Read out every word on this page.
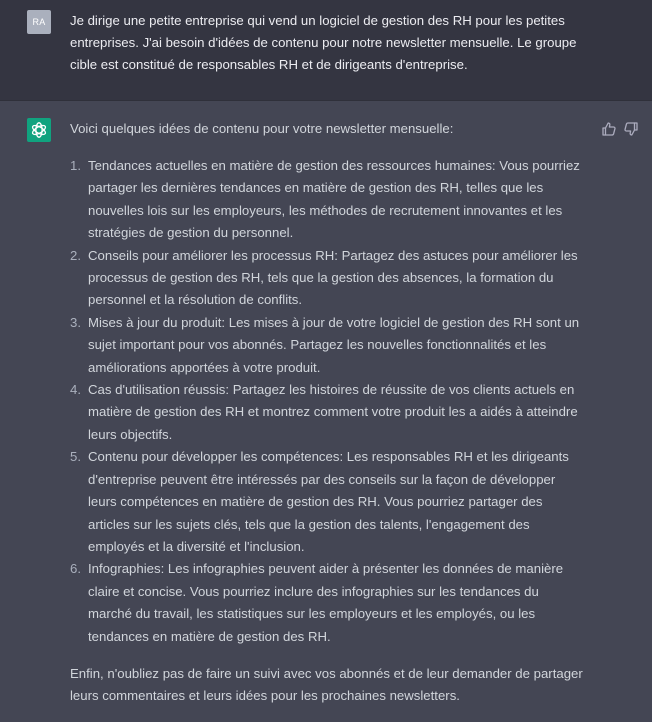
RA	Je dirige une petite entreprise qui vend un logiciel de gestion des RH pour les petites entreprises. J'ai besoin d'idées de contenu pour notre newsletter mensuelle. Le groupe cible est constitué de responsables RH et de dirigeants d'entreprise.

Voici quelques idées de contenu pour votre newsletter mensuelle:

1. Tendances actuelles en matière de gestion des ressources humaines: Vous pourriez partager les dernières tendances en matière de gestion des RH, telles que les nouvelles lois sur les employeurs, les méthodes de recrutement innovantes et les stratégies de gestion du personnel.
2. Conseils pour améliorer les processus RH: Partagez des astuces pour améliorer les processus de gestion des RH, tels que la gestion des absences, la formation du personnel et la résolution de conflits.
3. Mises à jour du produit: Les mises à jour de votre logiciel de gestion des RH sont un sujet important pour vos abonnés. Partagez les nouvelles fonctionnalités et les améliorations apportées à votre produit.
4. Cas d'utilisation réussis: Partagez les histoires de réussite de vos clients actuels en matière de gestion des RH et montrez comment votre produit les a aidés à atteindre leurs objectifs.
5. Contenu pour développer les compétences: Les responsables RH et les dirigeants d'entreprise peuvent être intéressés par des conseils sur la façon de développer leurs compétences en matière de gestion des RH. Vous pourriez partager des articles sur les sujets clés, tels que la gestion des talents, l'engagement des employés et la diversité et l'inclusion.
6. Infographies: Les infographies peuvent aider à présenter les données de manière claire et concise. Vous pourriez inclure des infographies sur les tendances du marché du travail, les statistiques sur les employeurs et les employés, ou les tendances en matière de gestion des RH.

Enfin, n'oubliez pas de faire un suivi avec vos abonnés et de leur demander de partager leurs commentaires et leurs idées pour les prochaines newsletters.
